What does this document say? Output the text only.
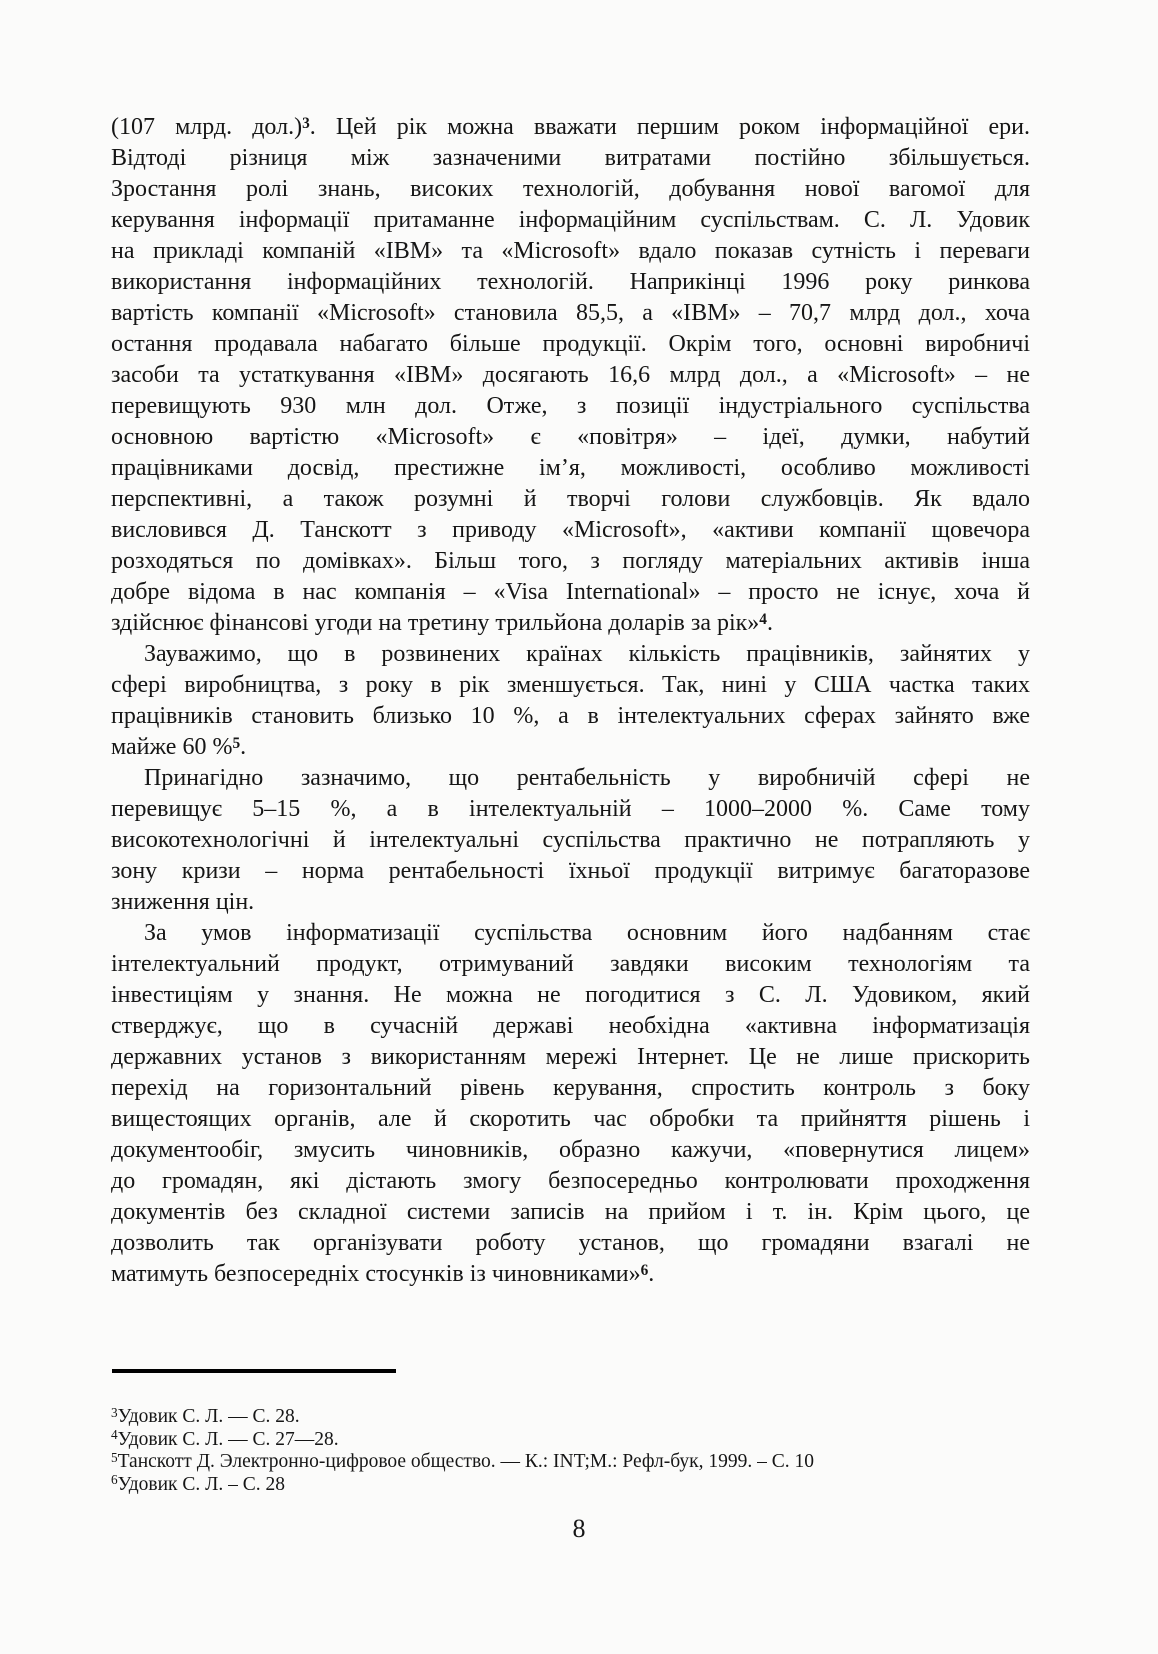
(107 млрд. дол.)$^3$. Цей рік можна вважати першим роком інформаційної ери.
Відтоді різниця між зазначеними витратами постійно збільшується.
Зростання ролі знань, високих технологій, добування нової вагомої для
керування інформації притаманне інформаційним суспільствам. С. Л. Удовик
на прикладі компаній «IBM» та «Microsoft» вдало показав сутність і переваги
використання інформаційних технологій. Наприкінці 1996 року ринкова
вартість компанії «Microsoft» становила 85,5, а «IBM» – 70,7 млрд дол., хоча
остання продавала набагато більше продукції. Окрім того, основні виробничі
засоби та устаткування «IBM» досягають 16,6 млрд дол., а «Microsoft» – не
перевищують 930 млн дол. Отже, з позиції індустріального суспільства
основною вартістю «Microsoft» є «повітря» – ідеї, думки, набутий
працівниками досвід, престижне ім’я, можливості, особливо можливості
перспективні, а також розумні й творчі голови службовців. Як вдало
висловився Д. Танскотт з приводу «Microsoft», «активи компанії щовечора
розходяться по домівках». Більш того, з погляду матеріальних активів інша
добре відома в нас компанія – «Visa International» – просто не існує, хоча й
здійснює фінансові угоди на третину трильйона доларів за рік»$^4$.
Зауважимо, що в розвинених країнах кількість працівників, зайнятих у
сфері виробництва, з року в рік зменшується. Так, нині у США частка таких
працівників становить близько 10 %, а в інтелектуальних сферах зайнято вже
майже 60 %$^5$.
Принагідно зазначимо, що рентабельність у виробничій сфері не
перевищує 5–15 %, а в інтелектуальній – 1000–2000 %. Саме тому
високотехнологічні й інтелектуальні суспільства практично не потрапляють у
зону кризи – норма рентабельності їхньої продукції витримує багаторазове
зниження цін.
За умов інформатизації суспільства основним його надбанням стає
інтелектуальний продукт, отримуваний завдяки високим технологіям та
інвестиціям у знання. Не можна не погодитися з С. Л. Удовиком, який
стверджує, що в сучасній державі необхідна «активна інформатизація
державних установ з використанням мережі Інтернет. Це не лише прискорить
перехід на горизонтальний рівень керування, спростить контроль з боку
вищестоящих органів, але й скоротить час обробки та прийняття рішень і
документообіг, змусить чиновників, образно кажучи, «повернутися лицем»
до громадян, які дістають змогу безпосередньо контролювати проходження
документів без складної системи записів на прийом і т. ін. Крім цього, це
дозволить так організувати роботу установ, що громадяни взагалі не
матимуть безпосередніх стосунків із чиновниками»$^6$.
$^3$Удовик С. Л. — С. 28.
$^4$Удовик С. Л. — С. 27—28.
$^5$Танскотт Д. Электронно-цифровое общество. — К.: INT;М.: Рефл-бук, 1999. – С. 10
$^6$Удовик С. Л. – С. 28
8
